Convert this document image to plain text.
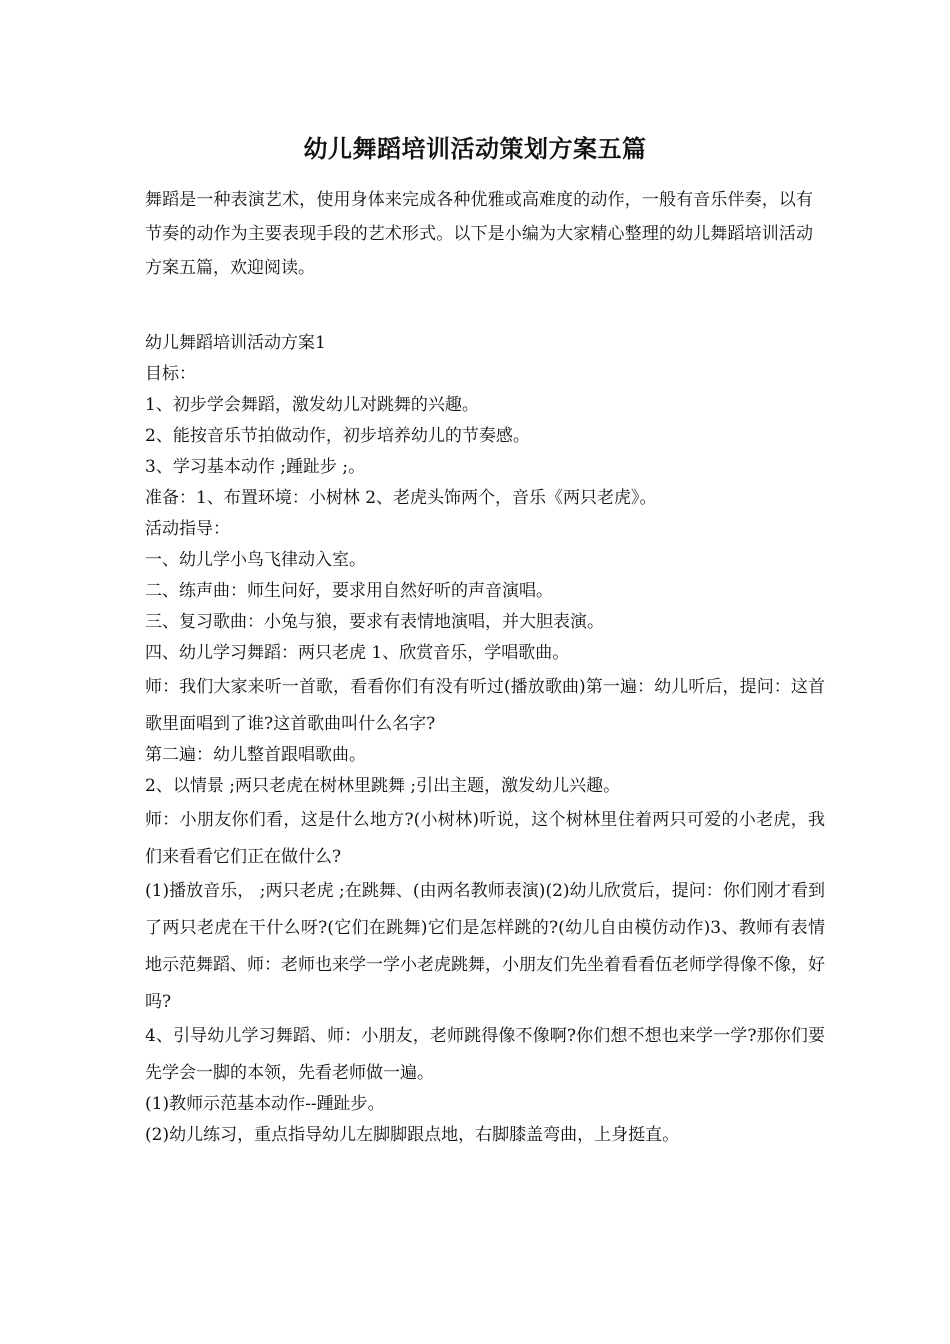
幼儿舞蹈培训活动策划方案五篇
舞蹈是一种表演艺术，使用身体来完成各种优雅或高难度的动作，一般有音乐伴奏，以有节奏的动作为主要表现手段的艺术形式。以下是小编为大家精心整理的幼儿舞蹈培训活动方案五篇，欢迎阅读。
幼儿舞蹈培训活动方案1
目标：
1、初步学会舞蹈，激发幼儿对跳舞的兴趣。
2、能按音乐节拍做动作，初步培养幼儿的节奏感。
3、学习基本动作 ;踵趾步 ;。
准备：1、布置环境：小树林 2、老虎头饰两个，音乐《两只老虎》。
活动指导：
一、幼儿学小鸟飞律动入室。
二、练声曲：师生问好，要求用自然好听的声音演唱。
三、复习歌曲：小兔与狼，要求有表情地演唱，并大胆表演。
四、幼儿学习舞蹈：两只老虎 1、欣赏音乐，学唱歌曲。
师：我们大家来听一首歌，看看你们有没有听过(播放歌曲)第一遍：幼儿听后，提问：这首歌里面唱到了谁?这首歌曲叫什么名字?
第二遍：幼儿整首跟唱歌曲。
2、以情景 ;两只老虎在树林里跳舞 ;引出主题，激发幼儿兴趣。
师：小朋友你们看，这是什么地方?(小树林)听说，这个树林里住着两只可爱的小老虎，我们来看看它们正在做什么?
(1)播放音乐， ;两只老虎 ;在跳舞、(由两名教师表演)(2)幼儿欣赏后，提问：你们刚才看到了两只老虎在干什么呀?(它们在跳舞)它们是怎样跳的?(幼儿自由模仿动作)3、教师有表情地示范舞蹈、师：老师也来学一学小老虎跳舞，小朋友们先坐着看看伍老师学得像不像，好吗?
4、引导幼儿学习舞蹈、师：小朋友，老师跳得像不像啊?你们想不想也来学一学?那你们要先学会一脚的本领，先看老师做一遍。
(1)教师示范基本动作--踵趾步。
(2)幼儿练习，重点指导幼儿左脚脚跟点地，右脚膝盖弯曲，上身挺直。
